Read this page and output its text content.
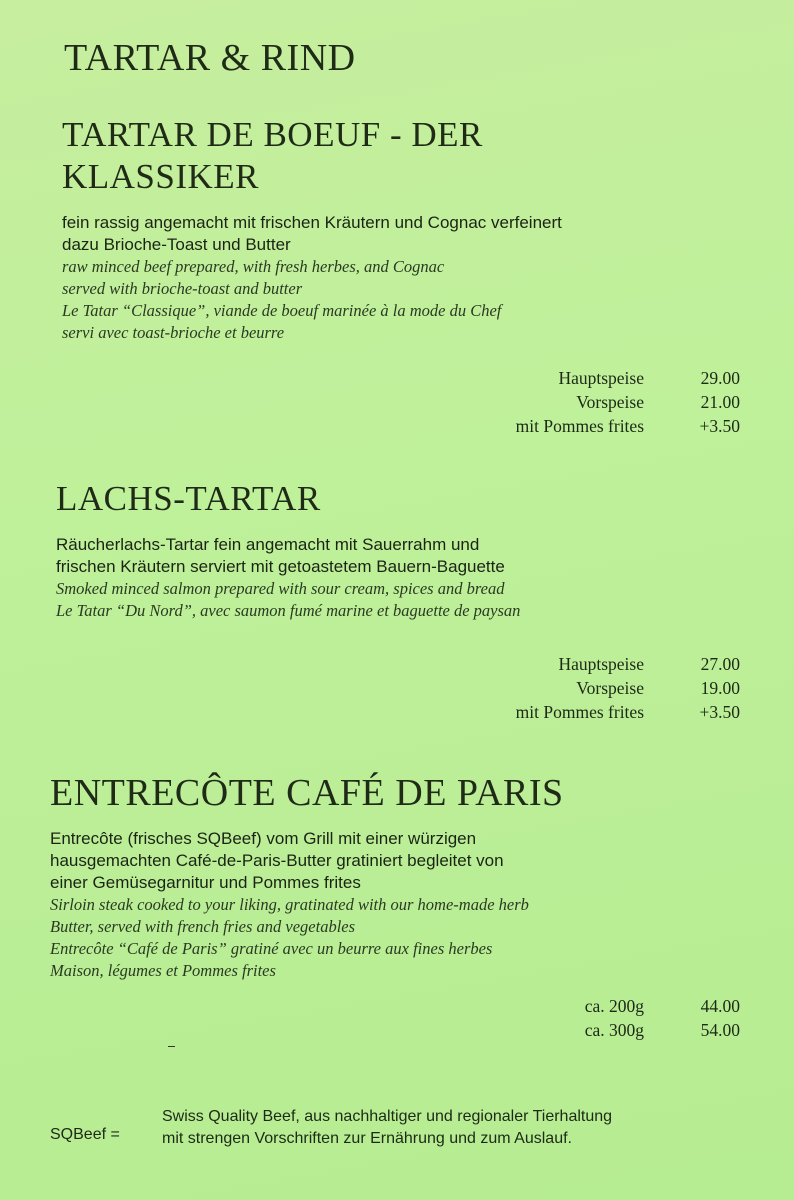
TARTAR & RIND
TARTAR DE BOEUF - DER
KLASSIKER
fein rassig angemacht mit frischen Kräutern und Cognac verfeinert
dazu Brioche-Toast und Butter
raw minced beef prepared, with fresh herbes, and Cognac
served with brioche-toast and butter
Le Tatar “Classique”, viande de boeuf marinée à la mode du Chef
servi avec toast-brioche et beurre
Hauptspeise	29.00
Vorspeise	21.00
mit Pommes frites	+3.50
LACHS-TARTAR
Räucherlachs-Tartar fein angemacht mit Sauerrahm und
frischen Kräutern serviert mit getoastetem Bauern-Baguette
Smoked minced salmon prepared with sour cream, spices and bread
Le Tatar “Du Nord”, avec saumon fumé marine et baguette de paysan
Hauptspeise	27.00
Vorspeise	19.00
mit Pommes frites	+3.50
ENTRECÔTE CAFÉ DE PARIS
Entrecôte (frisches SQBeef) vom Grill mit einer würzigen
hausgemachten Café-de-Paris-Butter gratiniert begleitet von
einer Gemüsegarnitur und Pommes frites
Sirloin steak cooked to your liking, gratinated with our home-made herb
Butter, served with french fries and vegetables
Entrecôte “Café de Paris” gratiné avec un beurre aux fines herbes
Maison, légumes et Pommes frites
ca. 200g	44.00
ca. 300g	54.00
SQBeef =
Swiss Quality Beef, aus nachhaltiger und regionaler Tierhaltung
mit strengen Vorschriften zur Ernährung und zum Auslauf.
